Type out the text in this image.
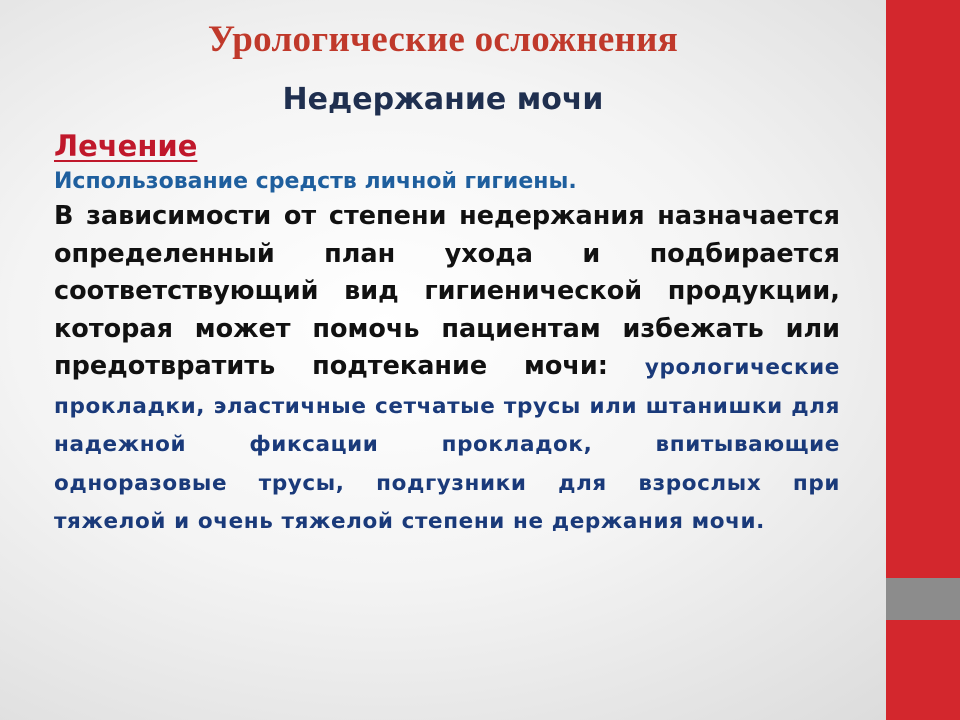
Урологические осложнения
Недержание мочи
Лечение
Использование средств личной гигиены.
В зависимости от степени недержания назначается определенный план ухода и подбирается соответствующий вид гигиенической продукции, которая может помочь пациентам избежать или предотвратить подтекание мочи: урологические прокладки, эластичные сетчатые трусы или штанишки для надежной фиксации прокладок, впитывающие одноразовые трусы, подгузники для взрослых при тяжелой и очень тяжелой степени не держания мочи.
